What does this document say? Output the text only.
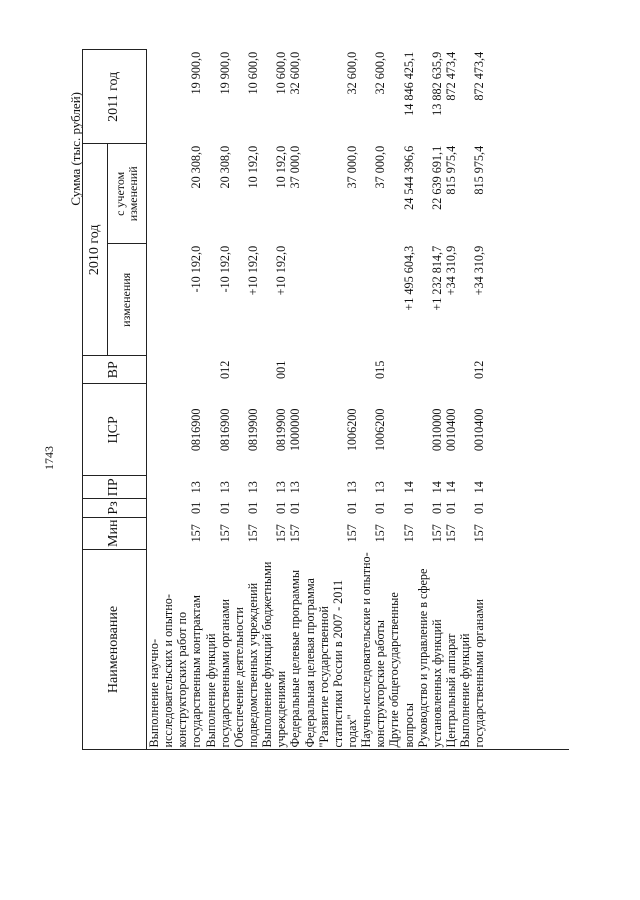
1743
Сумма (тыс. рублей)
Наименование	Мин	Рз	ПР	ЦСР	ВР	2010 год		2011 год
						изменения	с учетом изменений	
Выполнение научно-исследовательских и опытно-конструкторских работ по государственным контрактам	157	01	13	0816900		-10 192,0	20 308,0	19 900,0
Выполнение функций государственными органами	157	01	13	0816900	012	-10 192,0	20 308,0	19 900,0
Обеспечение деятельности подведомственных учреждений	157	01	13	0819900		+10 192,0	10 192,0	10 600,0
Выполнение функций бюджетными учреждениями	157	01	13	0819900	001	+10 192,0	10 192,0	10 600,0
Федеральные целевые программы	157	01	13	1000000			37 000,0	32 600,0
Федеральная целевая программа "Развитие государственной статистики России в 2007 - 2011 годах"	157	01	13	1006200			37 000,0	32 600,0
Научно-исследовательские и опытно-конструкторские работы	157	01	13	1006200	015		37 000,0	32 600,0
Другие общегосударственные вопросы	157	01	14			+1 495 604,3	24 544 396,6	14 846 425,1
Руководство и управление в сфере установленных функций	157	01	14	0010000		+1 232 814,7	22 639 691,1	13 882 635,9
Центральный аппарат	157	01	14	0010400		+34 310,9	815 975,4	872 473,4
Выполнение функций государственными органами	157	01	14	0010400	012	+34 310,9	815 975,4	872 473,4
